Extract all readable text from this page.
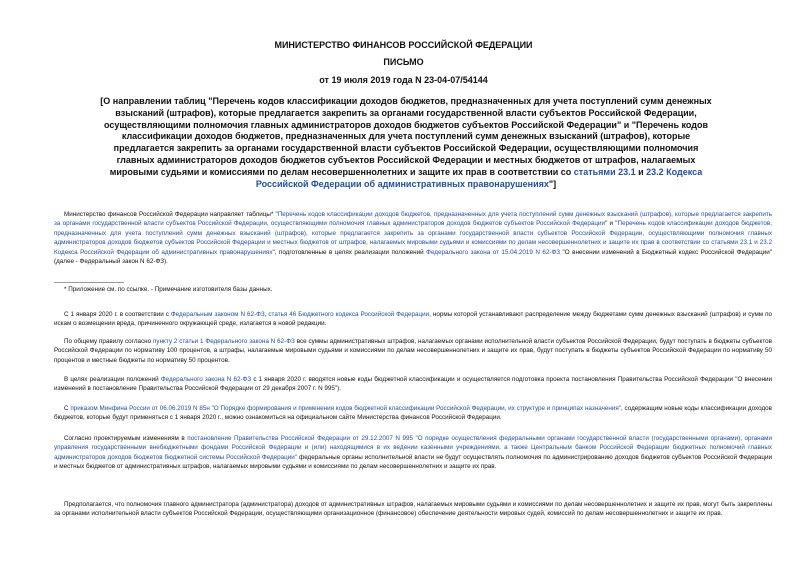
МИНИСТЕРСТВО ФИНАНСОВ РОССИЙСКОЙ ФЕДЕРАЦИИ
ПИСЬМО
от 19 июля 2019 года N 23-04-07/54144
[О направлении таблиц "Перечень кодов классификации доходов бюджетов, предназначенных для учета поступлений сумм денежных взысканий (штрафов), которые предлагается закрепить за органами государственной власти субъектов Российской Федерации, осуществляющими полномочия главных администраторов доходов бюджетов субъектов Российской Федерации" и "Перечень кодов классификации доходов бюджетов, предназначенных для учета поступлений сумм денежных взысканий (штрафов), которые предлагается закрепить за органами государственной власти субъектов Российской Федерации, осуществляющими полномочия главных администраторов доходов бюджетов субъектов Российской Федерации и местных бюджетов от штрафов, налагаемых мировыми судьями и комиссиями по делам несовершеннолетних и защите их прав в соответствии со статьями 23.1 и 23.2 Кодекса Российской Федерации об административных правонарушениях"]
Министерство финансов Российской Федерации направляет таблицы* "Перечень кодов классификации доходов бюджетов, предназначенных для учета поступлений сумм денежных взысканий (штрафов), которые предлагается закрепить за органами государственной власти субъектов Российской Федерации, осуществляющими полномочия главных администраторов доходов бюджетов субъектов Российской Федерации" и "Перечень кодов классификации доходов бюджетов, предназначенных для учета поступлений сумм денежных взысканий (штрафов), которые предлагается закрепить за органами государственной власти субъектов Российской Федерации, осуществляющими полномочия главных администраторов доходов бюджетов субъектов Российской Федерации и местных бюджетов от штрафов, налагаемых мировыми судьями и комиссиями по делам несовершеннолетних и защите их прав в соответствии со статьями 23.1 и 23.2 Кодекса Российской Федерации об административных правонарушениях", подготовленные в целях реализации положений Федерального закона от 15.04.2019 N 62-ФЗ "О внесении изменений в Бюджетный кодекс Российской Федерации" (далее - Федеральный закон N 62-ФЗ).
* Приложение см. по ссылке. - Примечание изготовителя базы данных.
С 1 января 2020 г. в соответствии с Федеральным законом N 62-ФЗ, статья 46 Бюджетного кодекса Российской Федерации, нормы которой устанавливают распределение между бюджетами сумм денежных взысканий (штрафов) и сумм по искам о возмещении вреда, причиненного окружающей среде, излагается в новой редакции.
По общему правилу согласно пункту 2 статьи 1 Федерального закона N 62-ФЗ все суммы административных штрафов, налагаемых органами исполнительной власти субъектов Российской Федерации, будут поступать в бюджеты субъектов Российской Федерации по нормативу 100 процентов, а штрафы, налагаемые мировыми судьями и комиссиями по делам несовершеннолетних и защите их прав, будут поступать в бюджеты субъектов Российской Федерации по нормативу 50 процентов и местные бюджеты по нормативу 50 процентов.
В целях реализации положений Федерального закона N 62-ФЗ с 1 января 2020 г. вводятся новые коды бюджетной классификации и осуществляется подготовка проекта постановления Правительства Российской Федерации "О внесении изменений в постановление Правительства Российской Федерации от 29 декабря 2007 г. N 995").
С приказом Минфина России от 06.06.2019 N 85н "О Порядке формирования и применения кодов бюджетной классификации Российской Федерации, их структуре и принципах назначения", содержащим новые коды классификации доходов бюджетов, которые будут применяться с 1 января 2020 г., можно ознакомиться на официальном сайте Министерства финансов Российской Федерации.
Согласно проектируемым изменениям в постановление Правительства Российской Федерации от 29.12.2007 N 995 "О порядке осуществления федеральными органами государственной власти (государственными органами), органами управления государственными внебюджетными фондами Российской Федерации и (или) находящимися в их ведении казенными учреждениями, а также Центральным банком Российской Федерации бюджетных полномочий главных администраторов доходов бюджетов бюджетной системы Российской Федерации" федеральные органы исполнительной власти не будут осуществлять полномочия по администрированию доходов бюджетов субъектов Российской Федерации и местных бюджетов от административных штрафов, налагаемых мировыми судьями и комиссиями по делам несовершеннолетних и защите их прав.
Предполагается, что полномочия главного администратора (администратора) доходов от административных штрафов, налагаемых мировыми судьями и комиссиями по делам несовершеннолетних и защите их прав, могут быть закреплены за органами исполнительной власти субъектов Российской Федерации, осуществляющими организационное (финансовое) обеспечение деятельности мировых судей, комиссий по делам несовершеннолетних и защите их прав.
